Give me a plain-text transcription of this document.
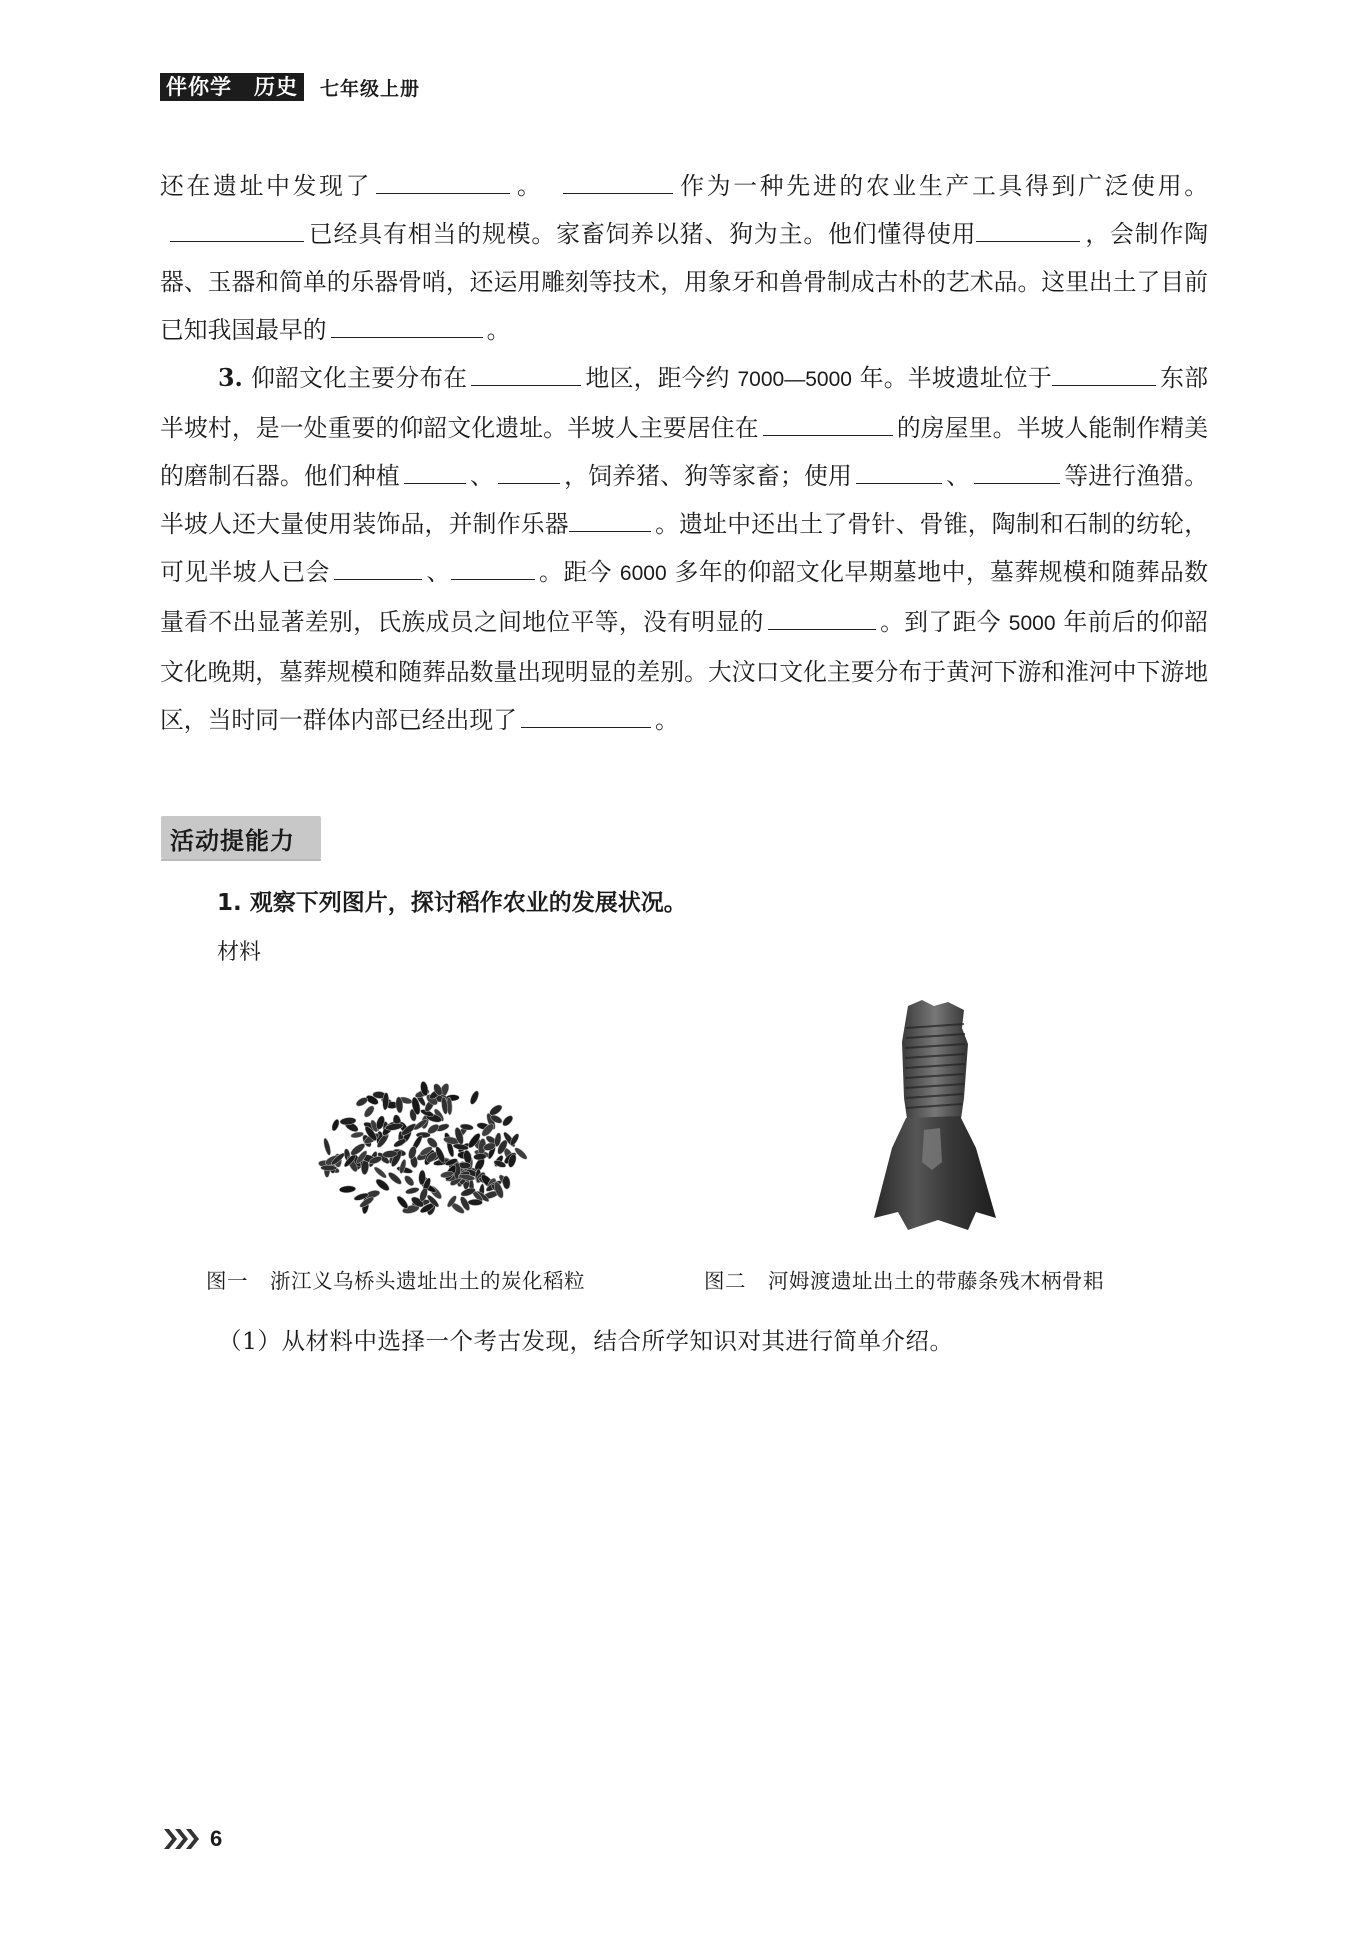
伴你学　历史	七年级上册

还在遗址中发现了	。	作为一种先进的农业生产工具得到广泛使用。已经具有相当的规模。家畜饲养以猪、狗为主。他们懂得使用	，会制作陶器、玉器和简单的乐器骨哨，还运用雕刻等技术，用象牙和兽骨制成古朴的艺术品。这里出土了目前已知我国最早的	。

3. 仰韶文化主要分布在	地区，距今约 7000—5000 年。半坡遗址位于	东部半坡村，是一处重要的仰韶文化遗址。半坡人主要居住在	的房屋里。半坡人能制作精美的磨制石器。他们种植	、	，饲养猪、狗等家畜；使用	、	等进行渔猎。半坡人还大量使用装饰品，并制作乐器	。遗址中还出土了骨针、骨锥，陶制和石制的纺轮，可见半坡人已会	、	。距今 6000 多年的仰韶文化早期墓地中，墓葬规模和随葬品数量看不出显著差别，氏族成员之间地位平等，没有明显的	。到了距今 5000 年前后的仰韶文化晚期，墓葬规模和随葬品数量出现明显的差别。大汶口文化主要分布于黄河下游和淮河中下游地区，当时同一群体内部已经出现了	。

活动提能力
1. 观察下列图片，探讨稻作农业的发展状况。
材料
图一 浙江义乌桥头遗址出土的炭化稻粒	图二 河姆渡遗址出土的带藤条残木柄骨耜
（1）从材料中选择一个考古发现，结合所学知识对其进行简单介绍。
6
